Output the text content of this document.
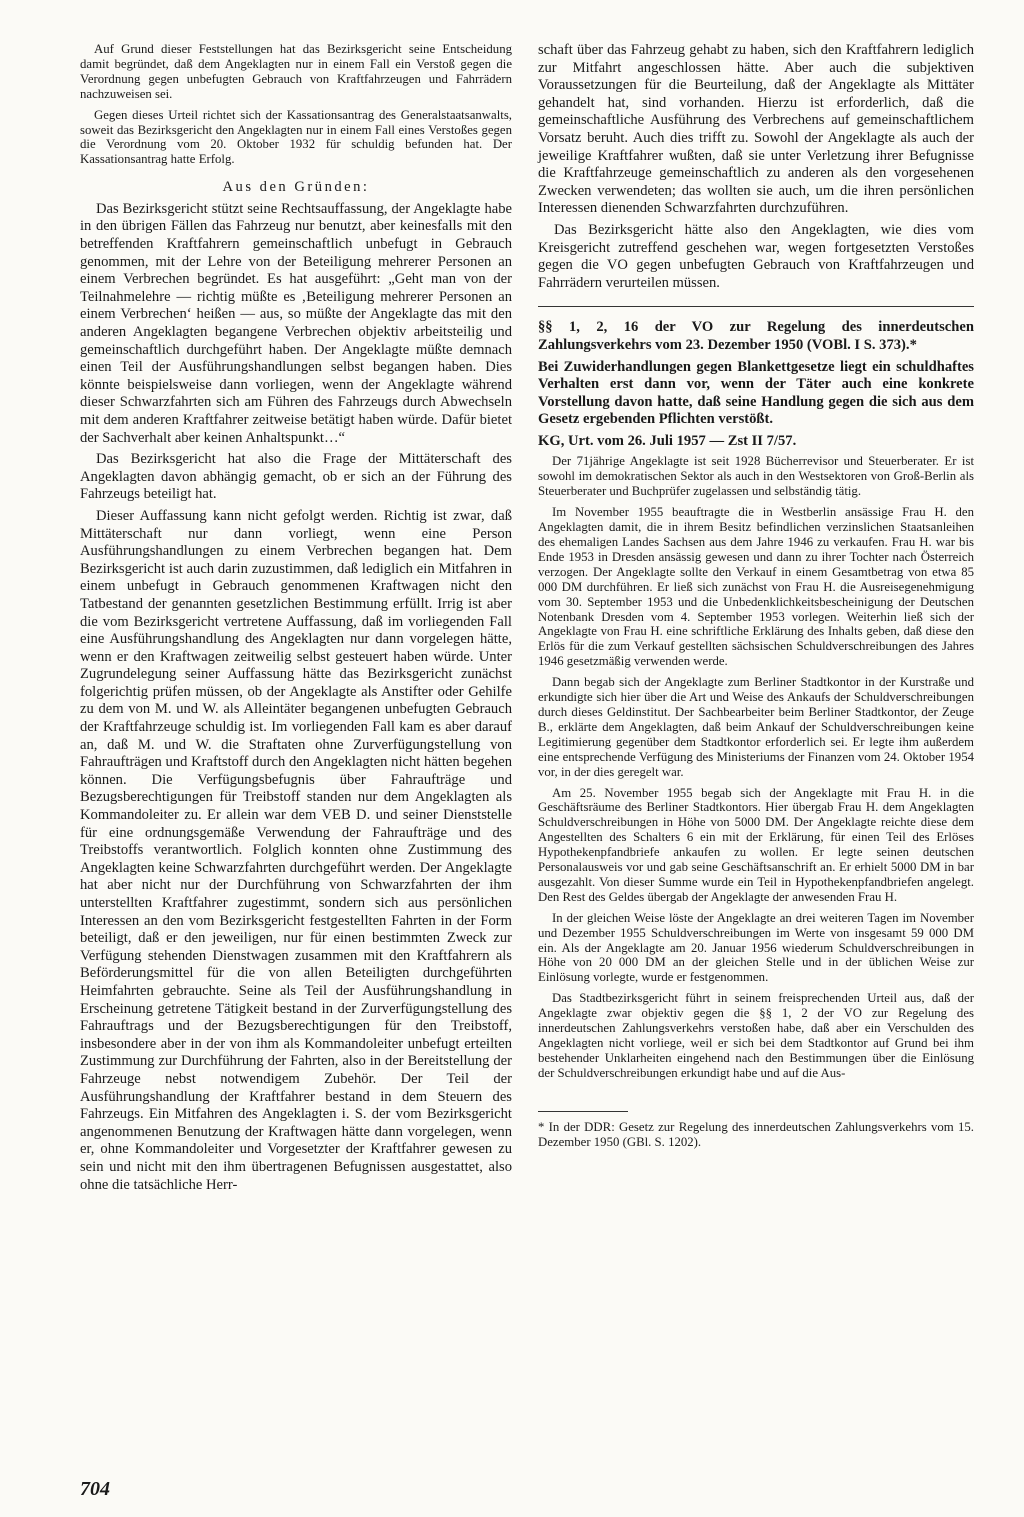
Auf Grund dieser Feststellungen hat das Bezirksgericht seine Entscheidung damit begründet, daß dem Angeklagten nur in einem Fall ein Verstoß gegen die Verordnung gegen unbefugten Gebrauch von Kraftfahrzeugen und Fahrrädern nachzuweisen sei.

Gegen dieses Urteil richtet sich der Kassationsantrag des Generalstaatsanwalts, soweit das Bezirksgericht den Angeklagten nur in einem Fall eines Verstoßes gegen die Verordnung vom 20. Oktober 1932 für schuldig befunden hat. Der Kassationsantrag hatte Erfolg.

Aus den Gründen:

Das Bezirksgericht stützt seine Rechtsauffassung, der Angeklagte habe in den übrigen Fällen das Fahrzeug nur benutzt, aber keinesfalls mit den betreffenden Kraftfahrern gemeinschaftlich unbefugt in Gebrauch genommen, mit der Lehre von der Beteiligung mehrerer Personen an einem Verbrechen begründet. Es hat ausgeführt: „Geht man von der Teilnahmelehre — richtig müßte es ‚Beteiligung mehrerer Personen an einem Verbrechen‘ heißen — aus, so müßte der Angeklagte das mit den anderen Angeklagten begangene Verbrechen objektiv arbeitsteilig und gemeinschaftlich durchgeführt haben. Der Angeklagte müßte demnach einen Teil der Ausführungshandlungen selbst begangen haben. Dies könnte beispielsweise dann vorliegen, wenn der Angeklagte während dieser Schwarzfahrten sich am Führen des Fahrzeugs durch Abwechseln mit dem anderen Kraftfahrer zeitweise betätigt haben würde. Dafür bietet der Sachverhalt aber keinen Anhaltspunkt…“

Das Bezirksgericht hat also die Frage der Mittäterschaft des Angeklagten davon abhängig gemacht, ob er sich an der Führung des Fahrzeugs beteiligt hat.

Dieser Auffassung kann nicht gefolgt werden. Richtig ist zwar, daß Mittäterschaft nur dann vorliegt, wenn eine Person Ausführungshandlungen zu einem Verbrechen begangen hat. Dem Bezirksgericht ist auch darin zuzustimmen, daß lediglich ein Mitfahren in einem unbefugt in Gebrauch genommenen Kraftwagen nicht den Tatbestand der genannten gesetzlichen Bestimmung erfüllt. Irrig ist aber die vom Bezirksgericht vertretene Auffassung, daß im vorliegenden Fall eine Ausführungshandlung des Angeklagten nur dann vorgelegen hätte, wenn er den Kraftwagen zeitweilig selbst gesteuert haben würde. Unter Zugrundelegung seiner Auffassung hätte das Bezirksgericht zunächst folgerichtig prüfen müssen, ob der Angeklagte als Anstifter oder Gehilfe zu dem von M. und W. als Alleintäter begangenen unbefugten Gebrauch der Kraftfahrzeuge schuldig ist. Im vorliegenden Fall kam es aber darauf an, daß M. und W. die Straftaten ohne Zurverfügungstellung von Fahraufträgen und Kraftstoff durch den Angeklagten nicht hätten begehen können. Die Verfügungsbefugnis über Fahraufträge und Bezugsberechtigungen für Treibstoff standen nur dem Angeklagten als Kommandoleiter zu. Er allein war dem VEB D. und seiner Dienststelle für eine ordnungsgemäße Verwendung der Fahraufträge und des Treibstoffs verantwortlich. Folglich konnten ohne Zustimmung des Angeklagten keine Schwarzfahrten durchgeführt werden. Der Angeklagte hat aber nicht nur der Durchführung von Schwarzfahrten der ihm unterstellten Kraftfahrer zugestimmt, sondern sich aus persönlichen Interessen an den vom Bezirksgericht festgestellten Fahrten in der Form beteiligt, daß er den jeweiligen, nur für einen bestimmten Zweck zur Verfügung stehenden Dienstwagen zusammen mit den Kraftfahrern als Beförderungsmittel für die von allen Beteiligten durchgeführten Heimfahrten gebrauchte. Seine als Teil der Ausführungshandlung in Erscheinung getretene Tätigkeit bestand in der Zurverfügungstellung des Fahrauftrags und der Bezugsberechtigungen für den Treibstoff, insbesondere aber in der von ihm als Kommandoleiter unbefugt erteilten Zustimmung zur Durchführung der Fahrten, also in der Bereitstellung der Fahrzeuge nebst notwendigem Zubehör. Der Teil der Ausführungshandlung der Kraftfahrer bestand in dem Steuern des Fahrzeugs. Ein Mitfahren des Angeklagten i. S. der vom Bezirksgericht angenommenen Benutzung der Kraftwagen hätte dann vorgelegen, wenn er, ohne Kommandoleiter und Vorgesetzter der Kraftfahrer gewesen zu sein und nicht mit den ihm übertragenen Befugnissen ausgestattet, also ohne die tatsächliche Herr-

schaft über das Fahrzeug gehabt zu haben, sich den Kraftfahrern lediglich zur Mitfahrt angeschlossen hätte. Aber auch die subjektiven Voraussetzungen für die Beurteilung, daß der Angeklagte als Mittäter gehandelt hat, sind vorhanden. Hierzu ist erforderlich, daß die gemeinschaftliche Ausführung des Verbrechens auf gemeinschaftlichem Vorsatz beruht. Auch dies trifft zu. Sowohl der Angeklagte als auch der jeweilige Kraftfahrer wußten, daß sie unter Verletzung ihrer Befugnisse die Kraftfahrzeuge gemeinschaftlich zu anderen als den vorgesehenen Zwecken verwendeten; das wollten sie auch, um die ihren persönlichen Interessen dienenden Schwarzfahrten durchzuführen.

Das Bezirksgericht hätte also den Angeklagten, wie dies vom Kreisgericht zutreffend geschehen war, wegen fortgesetzten Verstoßes gegen die VO gegen unbefugten Gebrauch von Kraftfahrzeugen und Fahrrädern verurteilen müssen.

§§ 1, 2, 16 der VO zur Regelung des innerdeutschen Zahlungsverkehrs vom 23. Dezember 1950 (VOBl. I S. 373).*

Bei Zuwiderhandlungen gegen Blankettgesetze liegt ein schuldhaftes Verhalten erst dann vor, wenn der Täter auch eine konkrete Vorstellung davon hatte, daß seine Handlung gegen die sich aus dem Gesetz ergebenden Pflichten verstößt.

KG, Urt. vom 26. Juli 1957 — Zst II 7/57.

Der 71jährige Angeklagte ist seit 1928 Bücherrevisor und Steuerberater. Er ist sowohl im demokratischen Sektor als auch in den Westsektoren von Groß-Berlin als Steuerberater und Buchprüfer zugelassen und selbständig tätig.

Im November 1955 beauftragte die in Westberlin ansässige Frau H. den Angeklagten damit, die in ihrem Besitz befindlichen verzinslichen Staatsanleihen des ehemaligen Landes Sachsen aus dem Jahre 1946 zu verkaufen. Frau H. war bis Ende 1953 in Dresden ansässig gewesen und dann zu ihrer Tochter nach Österreich verzogen. Der Angeklagte sollte den Verkauf in einem Gesamtbetrag von etwa 85 000 DM durchführen. Er ließ sich zunächst von Frau H. die Ausreisegenehmigung vom 30. September 1953 und die Unbedenklichkeitsbescheinigung der Deutschen Notenbank Dresden vom 4. September 1953 vorlegen. Weiterhin ließ sich der Angeklagte von Frau H. eine schriftliche Erklärung des Inhalts geben, daß diese den Erlös für die zum Verkauf gestellten sächsischen Schuldverschreibungen des Jahres 1946 gesetzmäßig verwenden werde.

Dann begab sich der Angeklagte zum Berliner Stadtkontor in der Kurstraße und erkundigte sich hier über die Art und Weise des Ankaufs der Schuldverschreibungen durch dieses Geldinstitut. Der Sachbearbeiter beim Berliner Stadtkontor, der Zeuge B., erklärte dem Angeklagten, daß beim Ankauf der Schuldverschreibungen keine Legitimierung gegenüber dem Stadtkontor erforderlich sei. Er legte ihm außerdem eine entsprechende Verfügung des Ministeriums der Finanzen vom 24. Oktober 1954 vor, in der dies geregelt war.

Am 25. November 1955 begab sich der Angeklagte mit Frau H. in die Geschäftsräume des Berliner Stadtkontors. Hier übergab Frau H. dem Angeklagten Schuldverschreibungen in Höhe von 5000 DM. Der Angeklagte reichte diese dem Angestellten des Schalters 6 ein mit der Erklärung, für einen Teil des Erlöses Hypothekenpfandbriefe ankaufen zu wollen. Er legte seinen deutschen Personalausweis vor und gab seine Geschäftsanschrift an. Er erhielt 5000 DM in bar ausgezahlt. Von dieser Summe wurde ein Teil in Hypothekenpfandbriefen angelegt. Den Rest des Geldes übergab der Angeklagte der anwesenden Frau H.

In der gleichen Weise löste der Angeklagte an drei weiteren Tagen im November und Dezember 1955 Schuldverschreibungen im Werte von insgesamt 59 000 DM ein. Als der Angeklagte am 20. Januar 1956 wiederum Schuldverschreibungen in Höhe von 20 000 DM an der gleichen Stelle und in der üblichen Weise zur Einlösung vorlegte, wurde er festgenommen.

Das Stadtbezirksgericht führt in seinem freisprechenden Urteil aus, daß der Angeklagte zwar objektiv gegen die §§ 1, 2 der VO zur Regelung des innerdeutschen Zahlungsverkehrs verstoßen habe, daß aber ein Verschulden des Angeklagten nicht vorliege, weil er sich bei dem Stadtkontor auf Grund bei ihm bestehender Unklarheiten eingehend nach den Bestimmungen über die Einlösung der Schuldverschreibungen erkundigt habe und auf die Aus-

* In der DDR: Gesetz zur Regelung des innerdeutschen Zahlungsverkehrs vom 15. Dezember 1950 (GBl. S. 1202).

704
